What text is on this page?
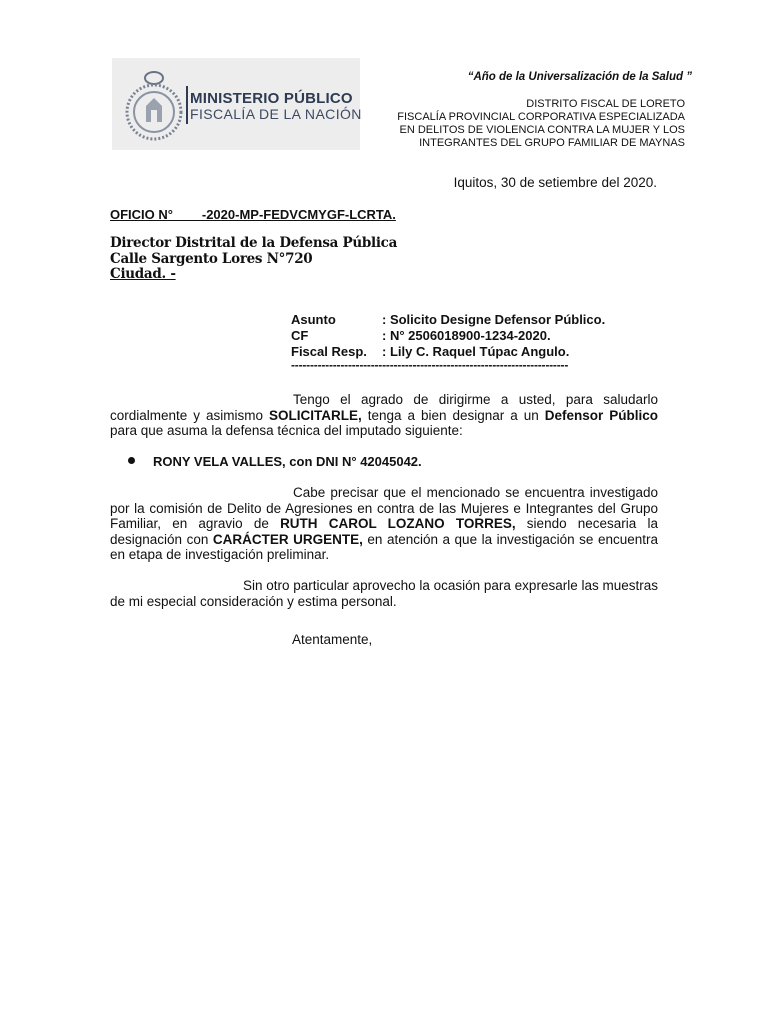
MINISTERIO PÚBLICO
FISCALÍA DE LA NACIÓN
“Año de la Universalización de la Salud ”
DISTRITO FISCAL DE LORETO
FISCALÍA PROVINCIAL CORPORATIVA ESPECIALIZADA
EN DELITOS DE VIOLENCIA CONTRA LA MUJER Y LOS
INTEGRANTES DEL GRUPO FAMILIAR DE MAYNAS
Iquitos, 30 de setiembre del 2020.
OFICIO N°        -2020-MP-FEDVCMYGF-LCRTA.
Director Distrital de la Defensa Pública
Calle Sargento Lores N°720
Ciudad. -
Asunto	: Solicito Designe Defensor Público.
CF	: N° 2506018900-1234-2020.
Fiscal Resp. : Lily C. Raquel Túpac Angulo.
-------------------------------------------------------------------------
Tengo el agrado de dirigirme a usted, para saludarlo cordialmente y asimismo SOLICITARLE, tenga a bien designar a un Defensor Público para que asuma la defensa técnica del imputado siguiente:
RONY VELA VALLES, con DNI N° 42045042.
Cabe precisar que el mencionado se encuentra investigado por la comisión de Delito de Agresiones en contra de las Mujeres e Integrantes del Grupo Familiar, en agravio de RUTH CAROL LOZANO TORRES, siendo necesaria la designación con CARÁCTER URGENTE, en atención a que la investigación se encuentra en etapa de investigación preliminar.
Sin otro particular aprovecho la ocasión para expresarle las muestras de mi especial consideración y estima personal.
Atentamente,
